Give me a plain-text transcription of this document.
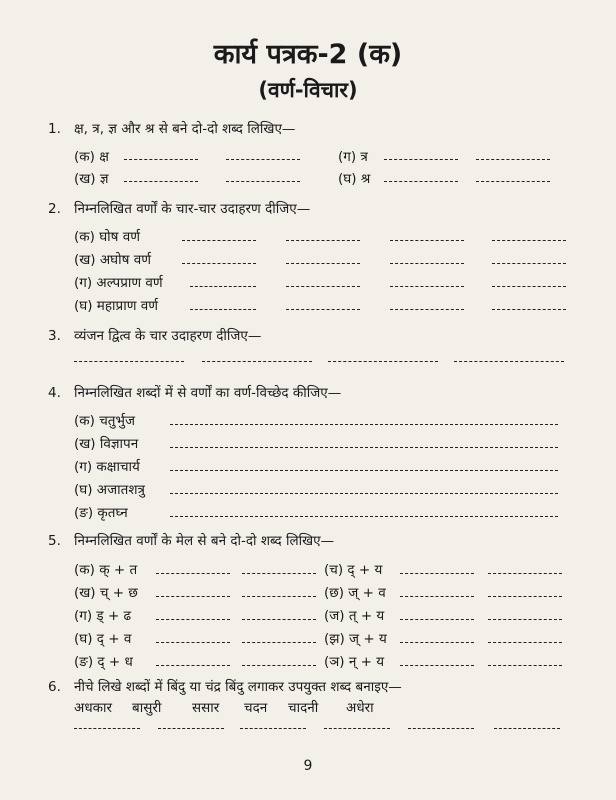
कार्य पत्रक-2 (क)
(वर्ण-विचार)
1. क्ष, त्र, ज्ञ और श्र से बने दो-दो शब्द लिखिए—
(क) क्ष	(ग) त्र
(ख) ज्ञ	(घ) श्र
2. निम्नलिखित वर्णों के चार-चार उदाहरण दीजिए—
(क) घोष वर्ण
(ख) अघोष वर्ण
(ग) अल्पप्राण वर्ण
(घ) महाप्राण वर्ण
3. व्यंजन द्वित्व के चार उदाहरण दीजिए—
4. निम्नलिखित शब्दों में से वर्णों का वर्ण-विच्छेद कीजिए—
(क) चतुर्भुज
(ख) विज्ञापन
(ग) कक्षाचार्य
(घ) अजातशत्रु
(ङ) कृतघ्न
5. निम्नलिखित वर्णों के मेल से बने दो-दो शब्द लिखिए—
(क) क् + त	(च) द् + य
(ख) च् + छ	(छ) ज् + व
(ग) ड् + ढ	(ज) त् + य
(घ) द् + व	(झ) ज् + य
(ङ) द् + ध	(ञ) न् + य
6. नीचे लिखे शब्दों में बिंदु या चंद्र बिंदु लगाकर उपयुक्त शब्द बनाइए—
अधकार बासुरी ससार चदन चादनी अधेरा
9
